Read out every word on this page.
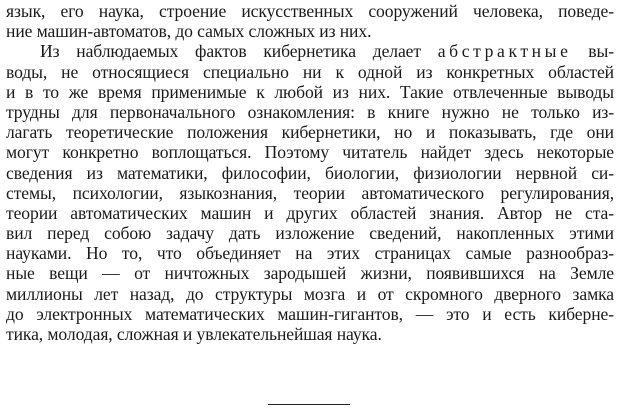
язык, его наука, строение искусственных сооружений человека, поведе-
ние машин-автоматов, до самых сложных из них.
Из наблюдаемых фактов кибернетика делает абстрактные вы-
воды, не относящиеся специально ни к одной из конкретных областей
и в то же время применимые к любой из них. Такие отвлеченные выводы
трудны для первоначального ознакомления: в книге нужно не только из-
лагать теоретические положения кибернетики, но и показывать, где они
могут конкретно воплощаться. Поэтому читатель найдет здесь некоторые
сведения из математики, философии, биологии, физиологии нервной си-
стемы, психологии, языкознания, теории автоматического регулирования,
теории автоматических машин и других областей знания. Автор не ста-
вил перед собою задачу дать изложение сведений, накопленных этими
науками. Но то, что объединяет на этих страницах самые разнообраз-
ные вещи — от ничтожных зародышей жизни, появившихся на Земле
миллионы лет назад, до структуры мозга и от скромного дверного замка
до электронных математических машин-гигантов, — это и есть киберне-
тика, молодая, сложная и увлекательнейшая наука.
